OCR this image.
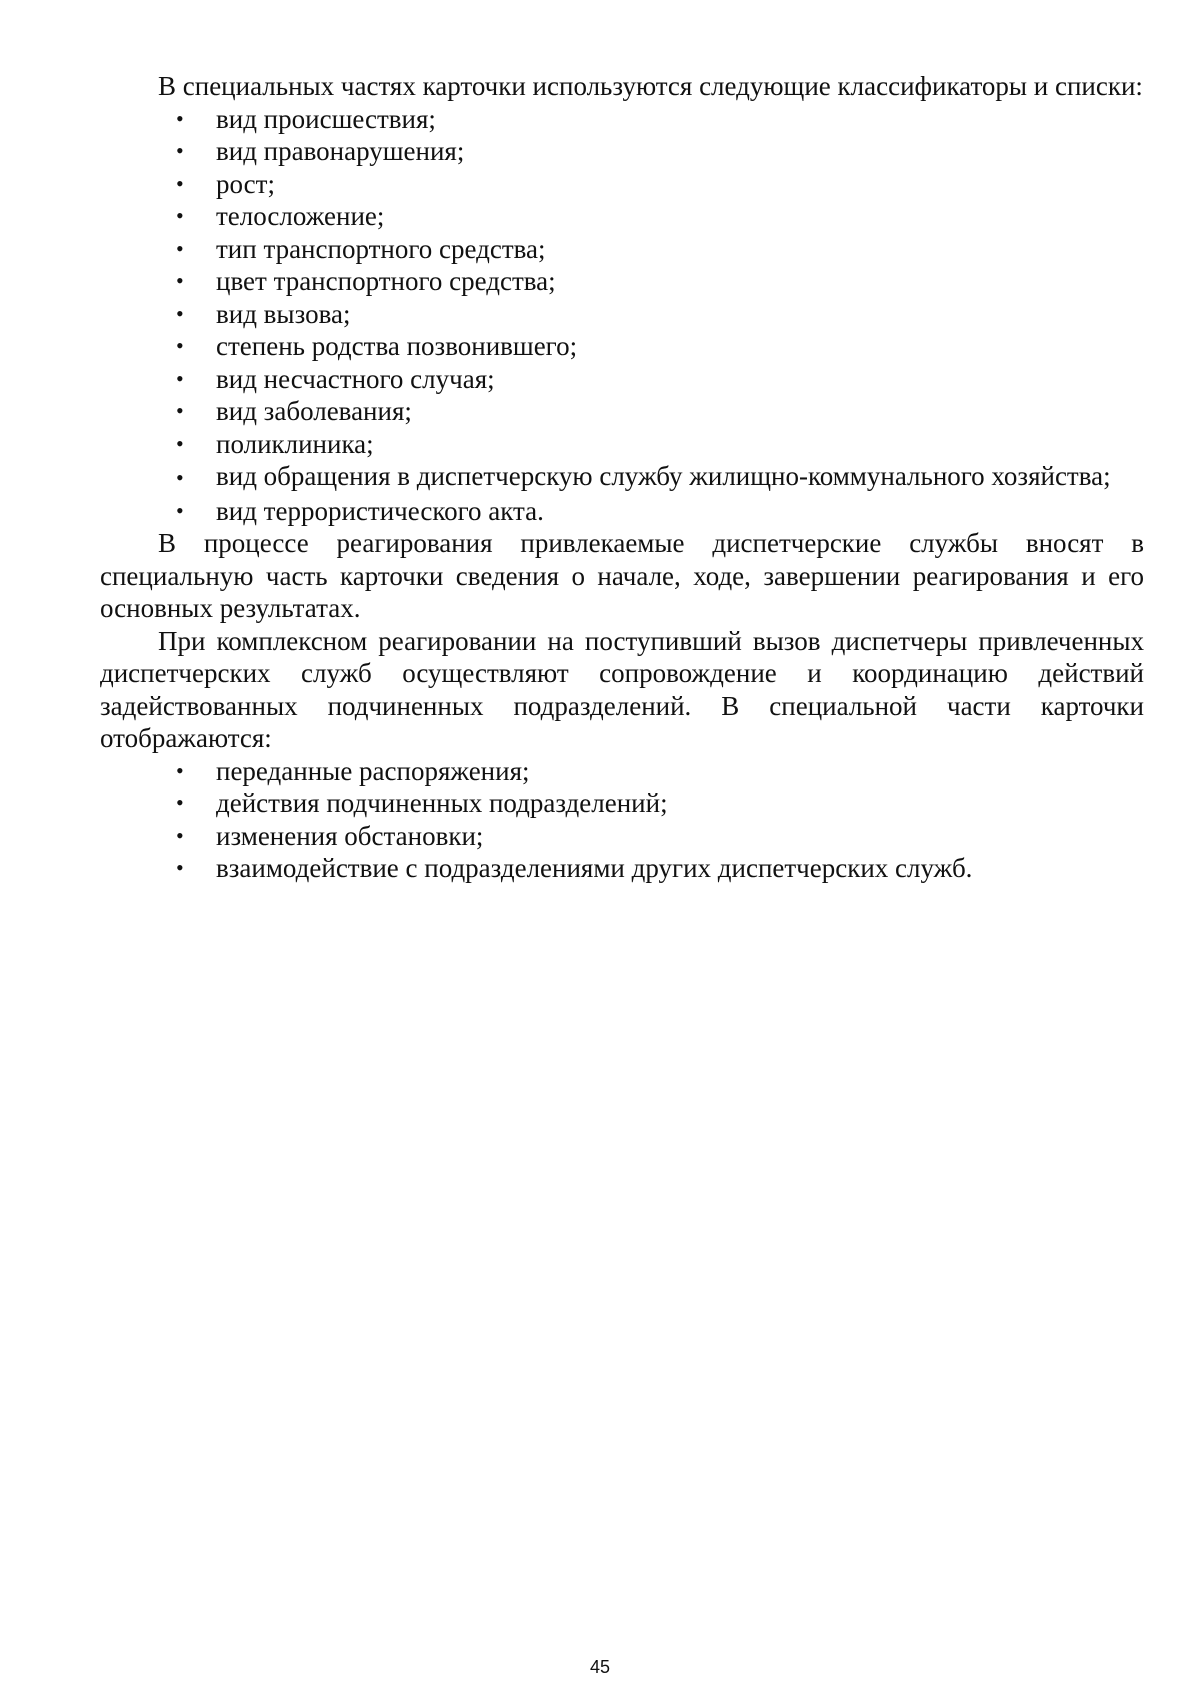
В специальных частях карточки используются следующие классификаторы и списки:

• вид происшествия;
• вид правонарушения;
• рост;
• телосложение;
• тип транспортного средства;
• цвет транспортного средства;
• вид вызова;
• степень родства позвонившего;
• вид несчастного случая;
• вид заболевания;
• поликлиника;
• вид обращения в диспетчерскую службу жилищно-коммунального хозяйства;
• вид террористического акта.

В процессе реагирования привлекаемые диспетчерские службы вносят в специальную часть карточки сведения о начале, ходе, завершении реагирования и его основных результатах.

При комплексном реагировании на поступивший вызов диспетчеры привлеченных диспетчерских служб осуществляют сопровождение и координацию действий задействованных подчиненных подразделений. В специальной части карточки отображаются:

• переданные распоряжения;
• действия подчиненных подразделений;
• изменения обстановки;
• взаимодействие с подразделениями других диспетчерских служб.
45
